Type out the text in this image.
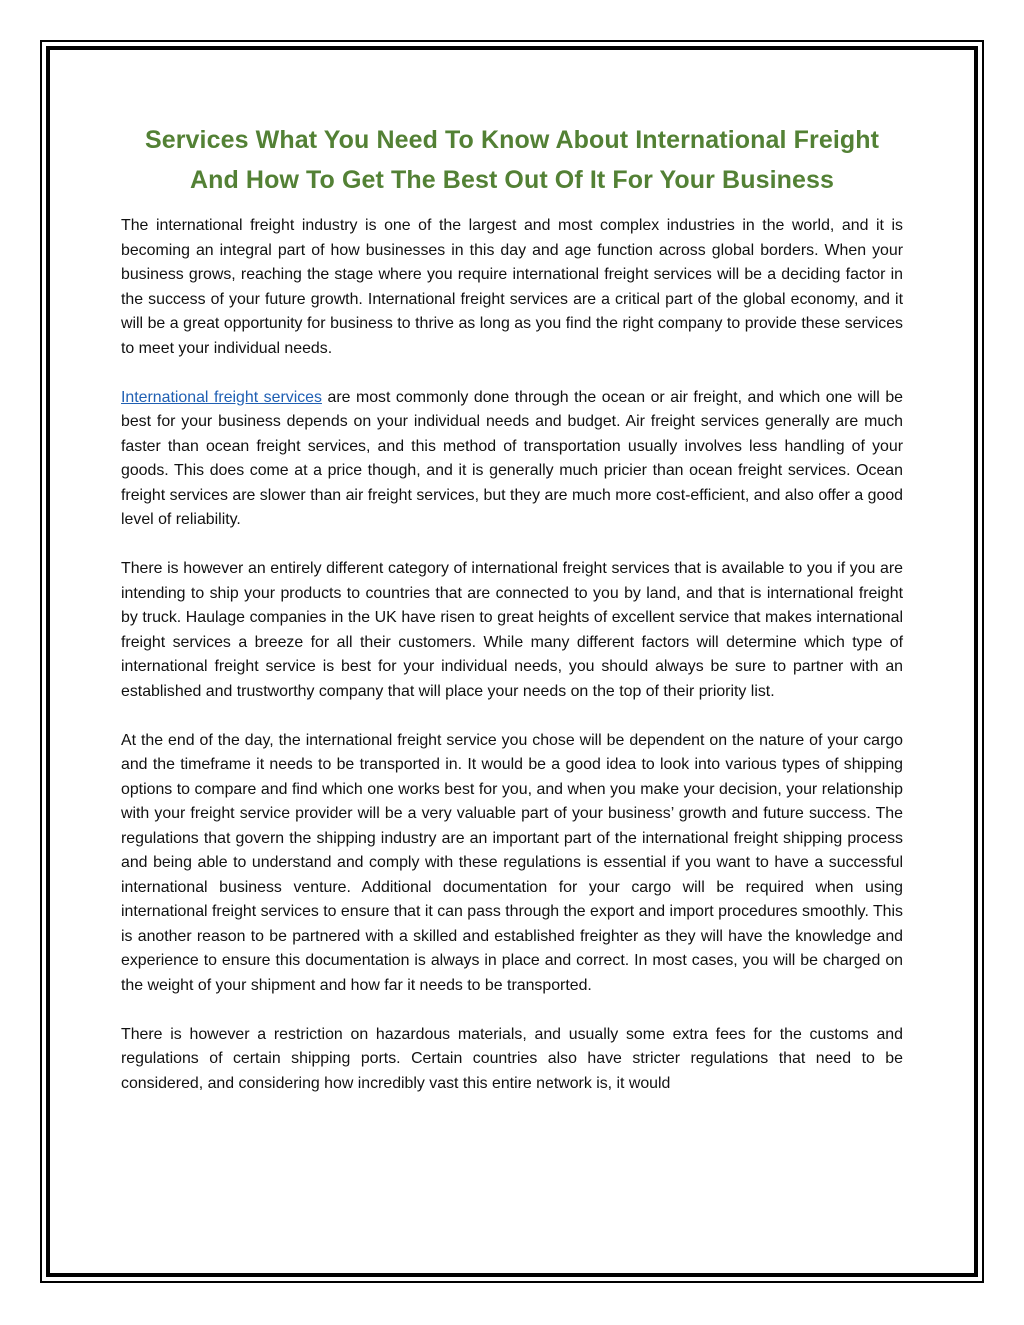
Services What You Need To Know About International Freight
And How To Get The Best Out Of It For Your Business

The international freight industry is one of the largest and most complex industries in the world, and it is becoming an integral part of how businesses in this day and age function across global borders. When your business grows, reaching the stage where you require international freight services will be a deciding factor in the success of your future growth. International freight services are a critical part of the global economy, and it will be a great opportunity for business to thrive as long as you find the right company to provide these services to meet your individual needs.

International freight services are most commonly done through the ocean or air freight, and which one will be best for your business depends on your individual needs and budget. Air freight services generally are much faster than ocean freight services, and this method of transportation usually involves less handling of your goods. This does come at a price though, and it is generally much pricier than ocean freight services. Ocean freight services are slower than air freight services, but they are much more cost-efficient, and also offer a good level of reliability.

There is however an entirely different category of international freight services that is available to you if you are intending to ship your products to countries that are connected to you by land, and that is international freight by truck. Haulage companies in the UK have risen to great heights of excellent service that makes international freight services a breeze for all their customers. While many different factors will determine which type of international freight service is best for your individual needs, you should always be sure to partner with an established and trustworthy company that will place your needs on the top of their priority list.

At the end of the day, the international freight service you chose will be dependent on the nature of your cargo and the timeframe it needs to be transported in. It would be a good idea to look into various types of shipping options to compare and find which one works best for you, and when you make your decision, your relationship with your freight service provider will be a very valuable part of your business’ growth and future success. The regulations that govern the shipping industry are an important part of the international freight shipping process and being able to understand and comply with these regulations is essential if you want to have a successful international business venture. Additional documentation for your cargo will be required when using international freight services to ensure that it can pass through the export and import procedures smoothly. This is another reason to be partnered with a skilled and established freighter as they will have the knowledge and experience to ensure this documentation is always in place and correct. In most cases, you will be charged on the weight of your shipment and how far it needs to be transported.

There is however a restriction on hazardous materials, and usually some extra fees for the customs and regulations of certain shipping ports. Certain countries also have stricter regulations that need to be considered, and considering how incredibly vast this entire network is, it would
